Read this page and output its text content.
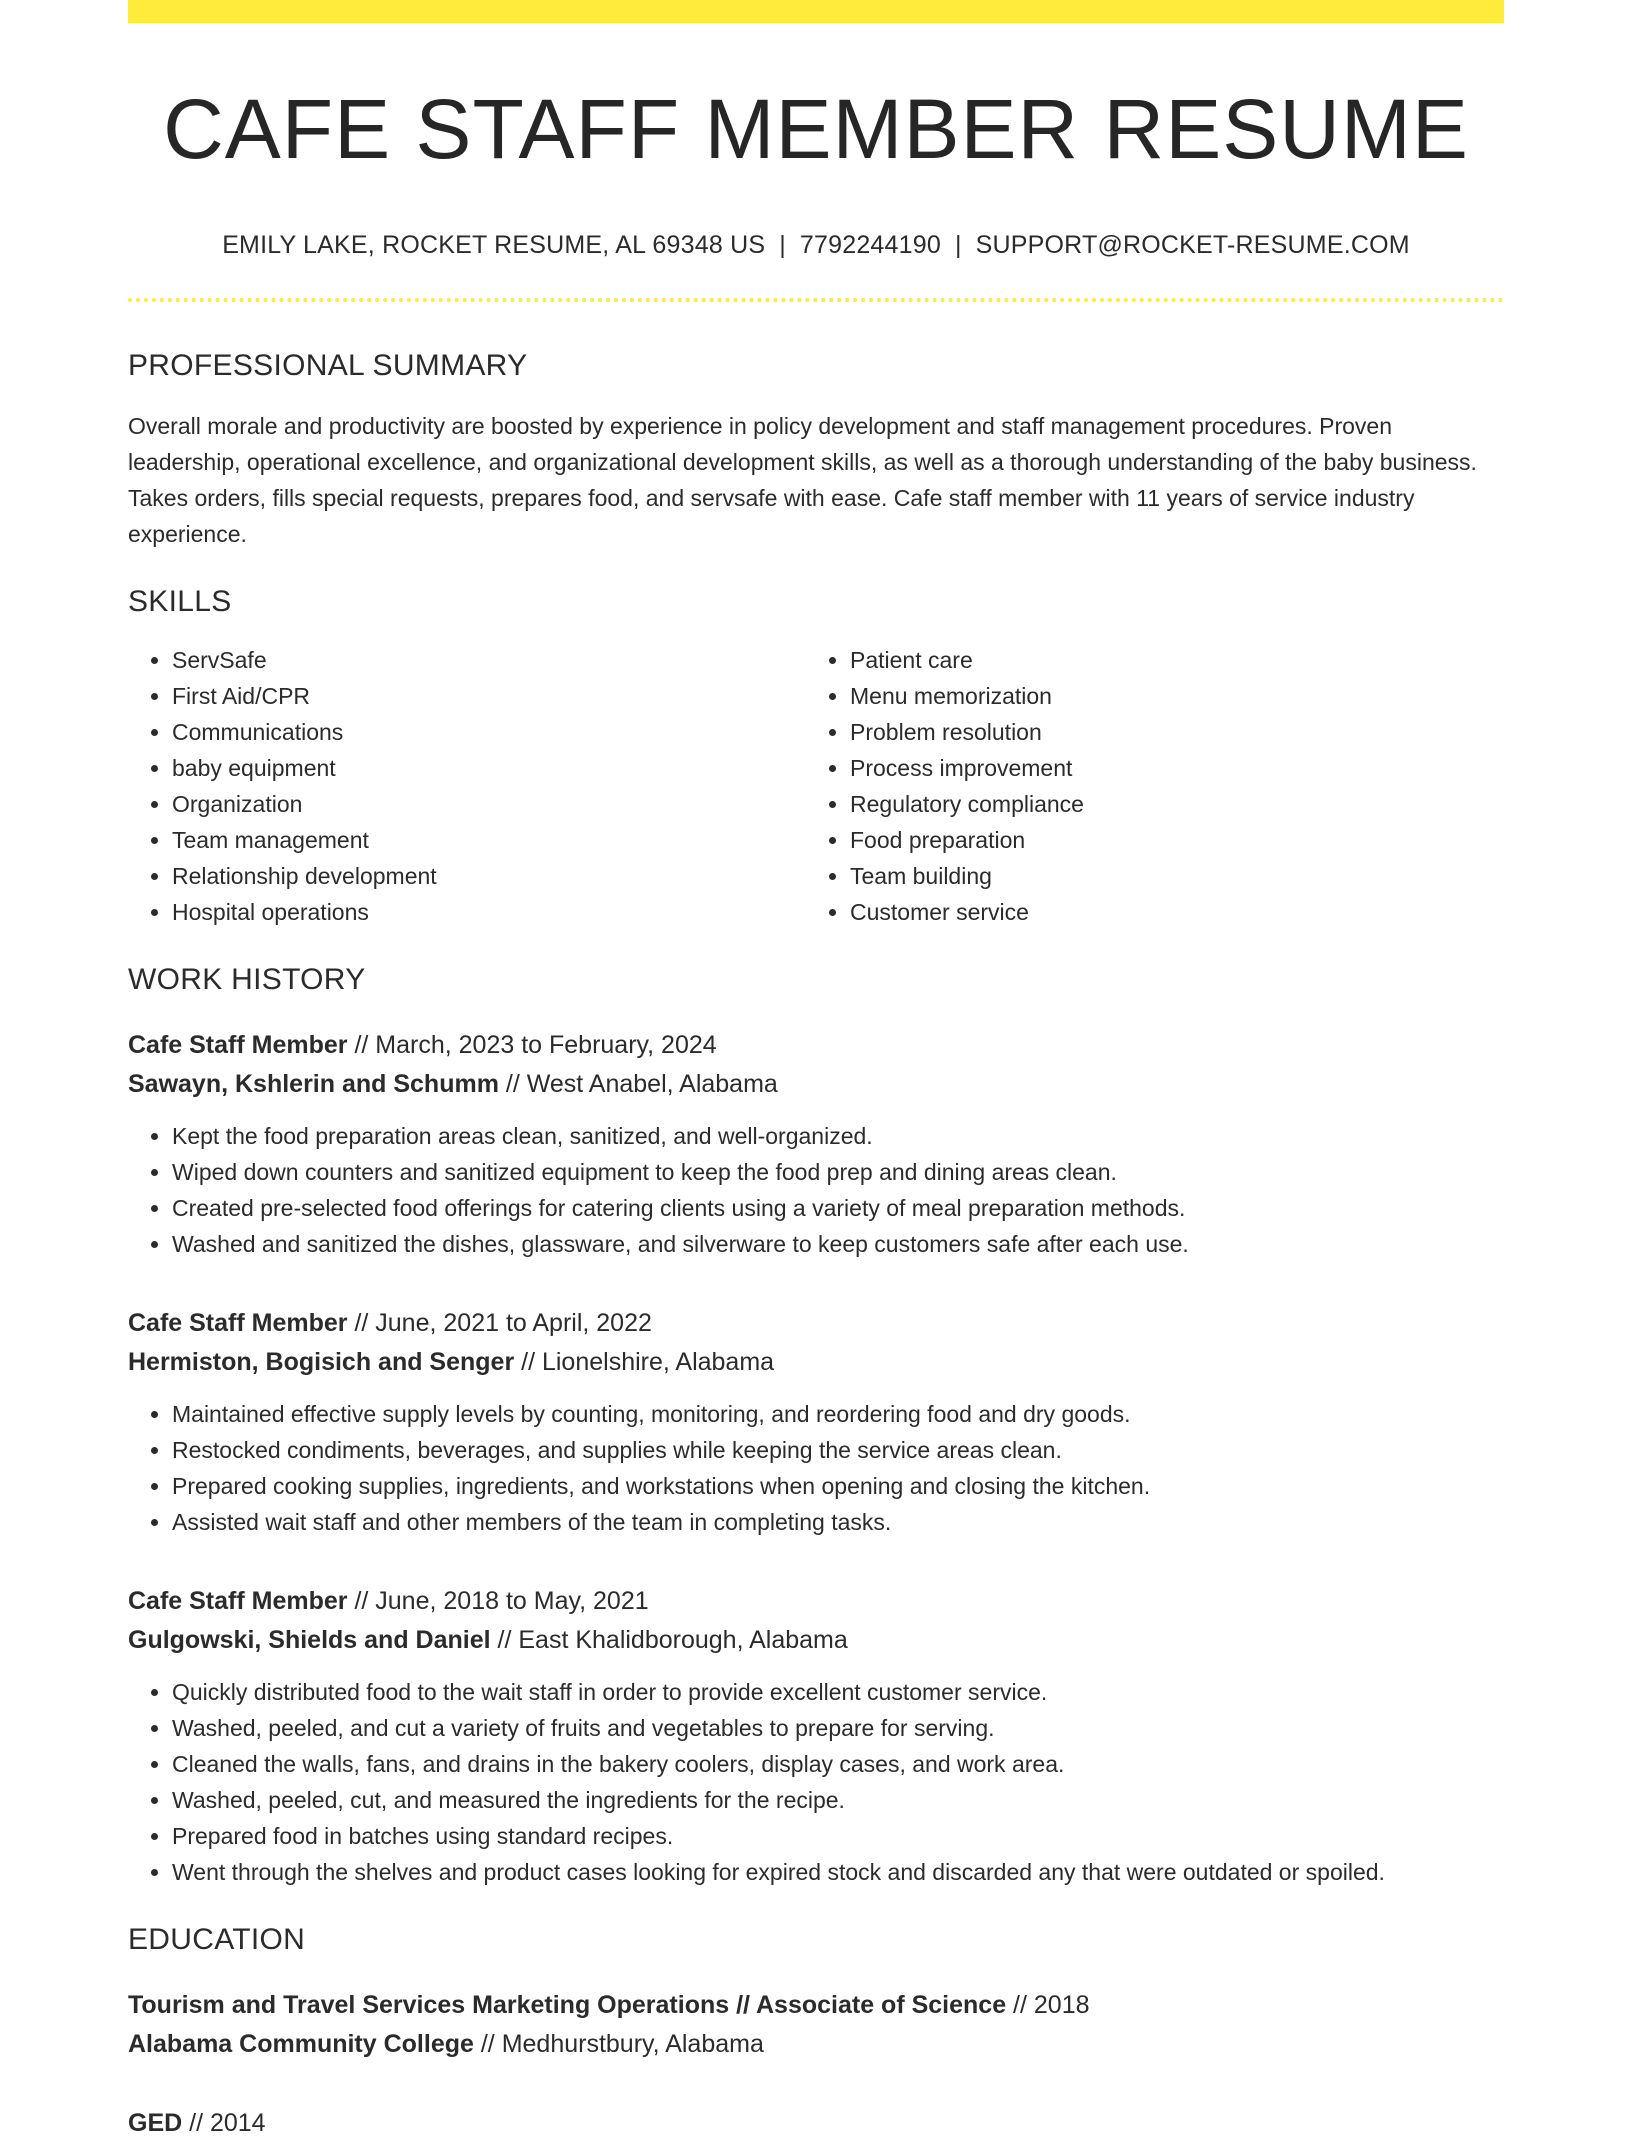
CAFE STAFF MEMBER RESUME
EMILY LAKE, ROCKET RESUME, AL 69348 US | 7792244190 | SUPPORT@ROCKET-RESUME.COM
PROFESSIONAL SUMMARY

Overall morale and productivity are boosted by experience in policy development and staff management procedures. Proven leadership, operational excellence, and organizational development skills, as well as a thorough understanding of the baby business. Takes orders, fills special requests, prepares food, and servsafe with ease. Cafe staff member with 11 years of service industry experience.

SKILLS
• ServSafe
• First Aid/CPR
• Communications
• baby equipment
• Organization
• Team management
• Relationship development
• Hospital operations
• Patient care
• Menu memorization
• Problem resolution
• Process improvement
• Regulatory compliance
• Food preparation
• Team building
• Customer service
WORK HISTORY
Cafe Staff Member // March, 2023 to February, 2024
Sawayn, Kshlerin and Schumm // West Anabel, Alabama
• Kept the food preparation areas clean, sanitized, and well-organized.
• Wiped down counters and sanitized equipment to keep the food prep and dining areas clean.
• Created pre-selected food offerings for catering clients using a variety of meal preparation methods.
• Washed and sanitized the dishes, glassware, and silverware to keep customers safe after each use.
Cafe Staff Member // June, 2021 to April, 2022
Hermiston, Bogisich and Senger // Lionelshire, Alabama
• Maintained effective supply levels by counting, monitoring, and reordering food and dry goods.
• Restocked condiments, beverages, and supplies while keeping the service areas clean.
• Prepared cooking supplies, ingredients, and workstations when opening and closing the kitchen.
• Assisted wait staff and other members of the team in completing tasks.
Cafe Staff Member // June, 2018 to May, 2021
Gulgowski, Shields and Daniel // East Khalidborough, Alabama
• Quickly distributed food to the wait staff in order to provide excellent customer service.
• Washed, peeled, and cut a variety of fruits and vegetables to prepare for serving.
• Cleaned the walls, fans, and drains in the bakery coolers, display cases, and work area.
• Washed, peeled, cut, and measured the ingredients for the recipe.
• Prepared food in batches using standard recipes.
• Went through the shelves and product cases looking for expired stock and discarded any that were outdated or spoiled.
EDUCATION
Tourism and Travel Services Marketing Operations // Associate of Science // 2018
Alabama Community College // Medhurstbury, Alabama
GED // 2014
